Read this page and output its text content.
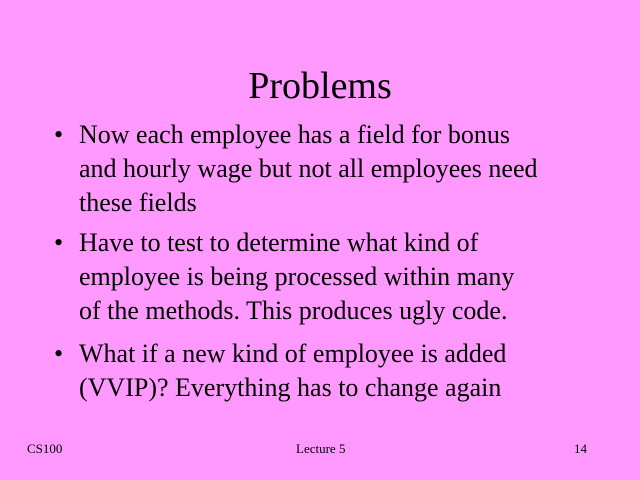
Problems
• Now each employee has a field for bonus
and hourly wage but not all employees need
these fields
• Have to test to determine what kind of
employee is being processed within many
of the methods. This produces ugly code.
• What if a new kind of employee is added
(VVIP)? Everything has to change again
CS100	Lecture 5	14
